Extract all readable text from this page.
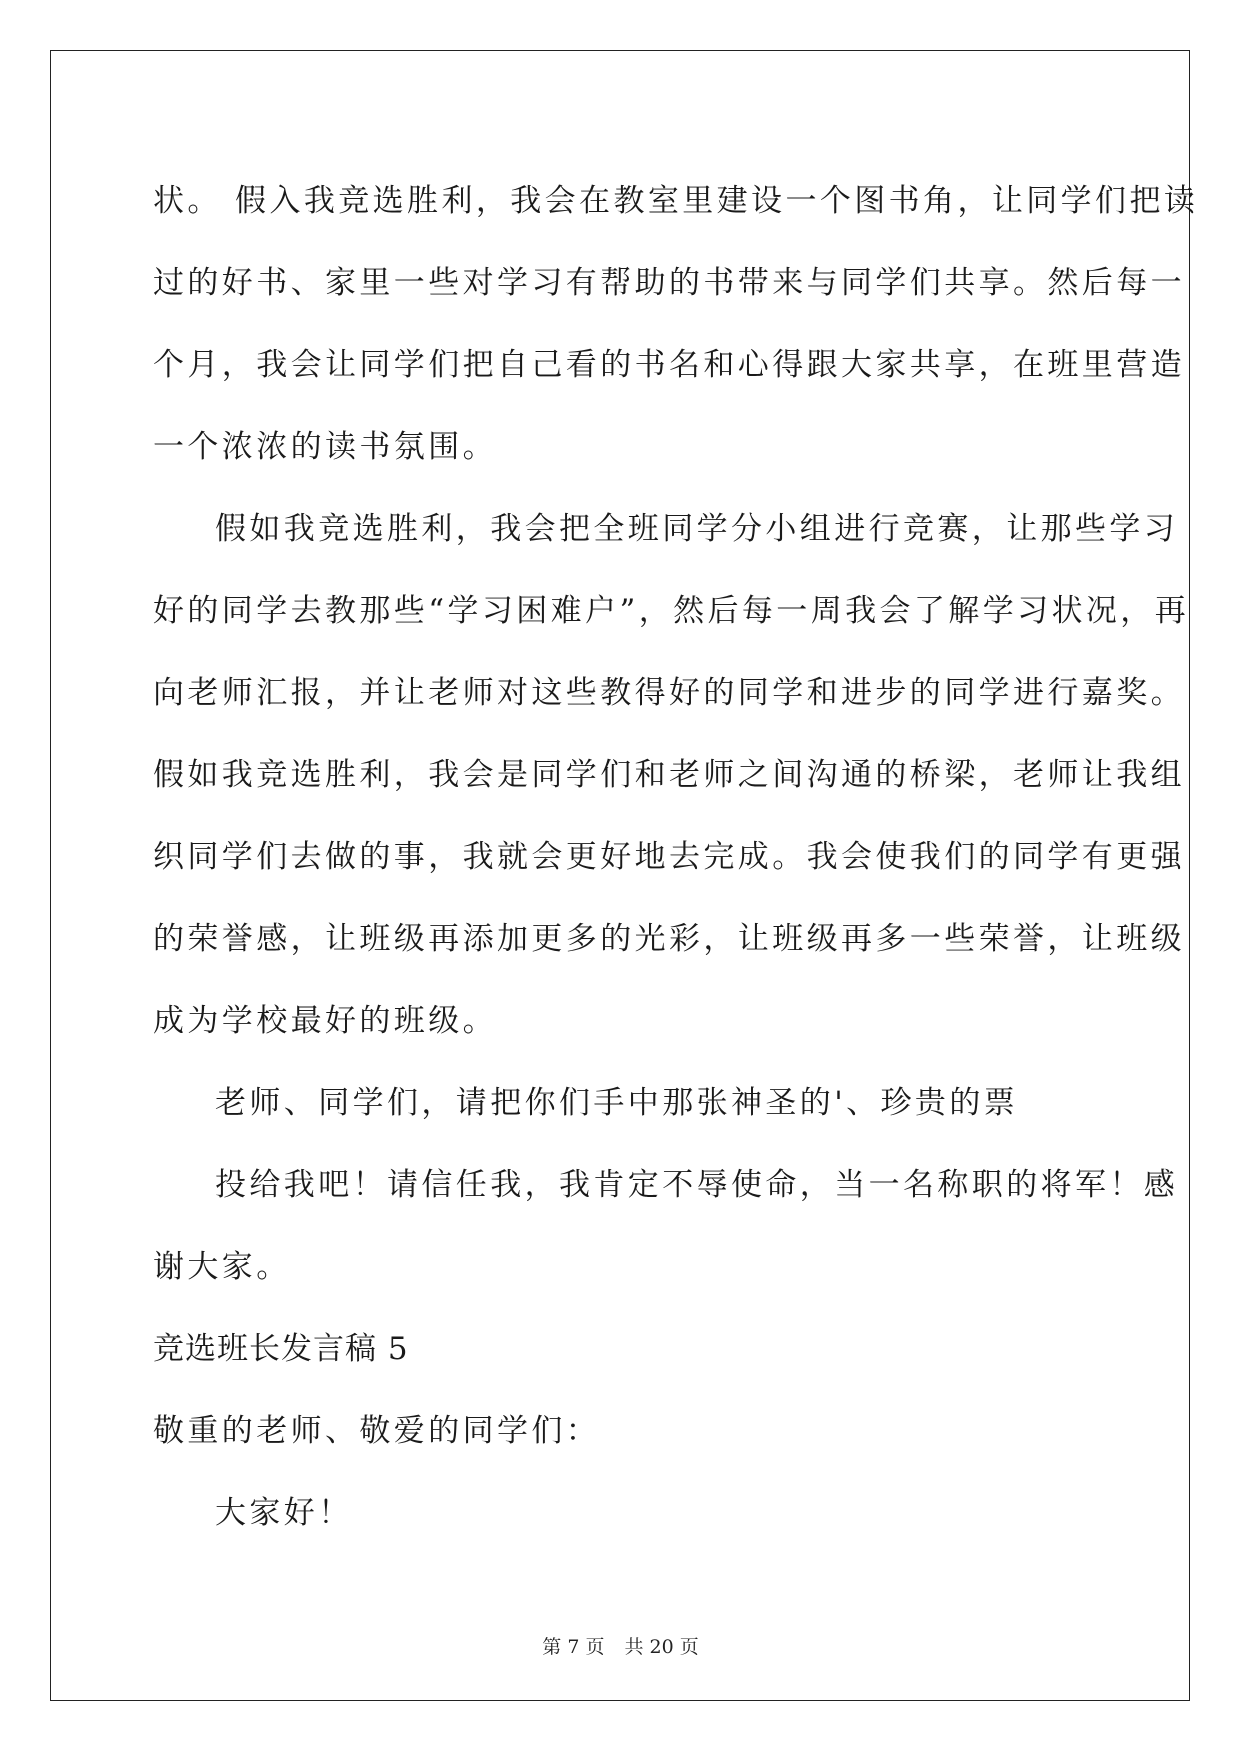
状。 假入我竞选胜利，我会在教室里建设一个图书角，让同学们把读
过的好书、家里一些对学习有帮助的书带来与同学们共享。然后每一
个月，我会让同学们把自己看的书名和心得跟大家共享，在班里营造
一个浓浓的读书氛围。
假如我竞选胜利，我会把全班同学分小组进行竞赛，让那些学习
好的同学去教那些“学习困难户”，然后每一周我会了解学习状况，再
向老师汇报，并让老师对这些教得好的同学和进步的同学进行嘉奖。
假如我竞选胜利，我会是同学们和老师之间沟通的桥梁，老师让我组
织同学们去做的事，我就会更好地去完成。我会使我们的同学有更强
的荣誉感，让班级再添加更多的光彩，让班级再多一些荣誉，让班级
成为学校最好的班级。
老师、同学们，请把你们手中那张神圣的'、珍贵的票
投给我吧！请信任我，我肯定不辱使命，当一名称职的将军！感
谢大家。
竞选班长发言稿 5
敬重的老师、敬爱的同学们：
大家好！
第 7 页 共 20 页
